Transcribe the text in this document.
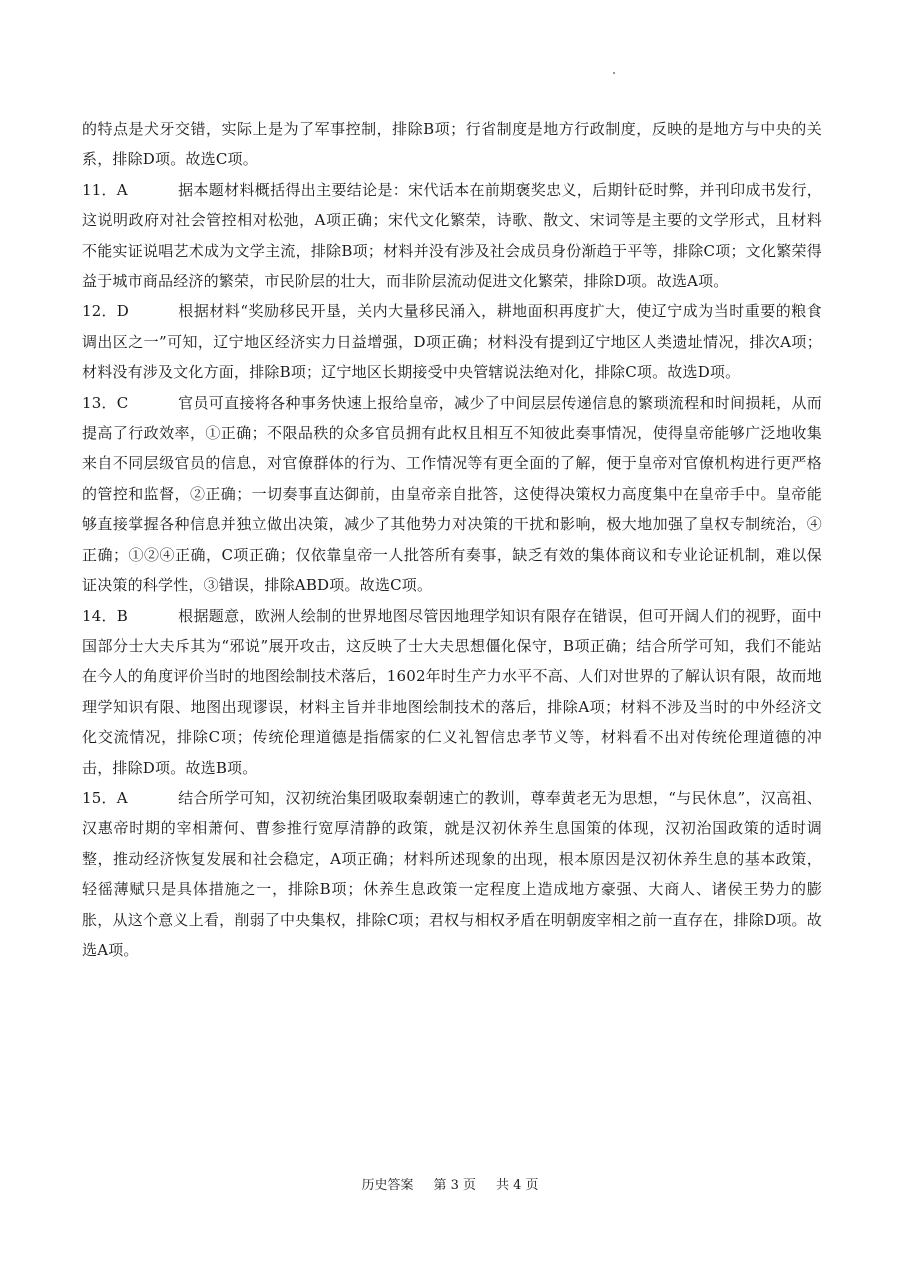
的特点是犬牙交错，实际上是为了军事控制，排除B项；行省制度是地方行政制度，反映的是地方与中央的关系，排除D项。故选C项。

11．A	据本题材料概括得出主要结论是：宋代话本在前期褒奖忠义，后期针砭时弊，并刊印成书发行，这说明政府对社会管控相对松弛，A项正确；宋代文化繁荣，诗歌、散文、宋词等是主要的文学形式，且材料不能实证说唱艺术成为文学主流，排除B项；材料并没有涉及社会成员身份渐趋于平等，排除C项；文化繁荣得益于城市商品经济的繁荣，市民阶层的壮大，而非阶层流动促进文化繁荣，排除D项。故选A项。

12．D	根据材料“奖励移民开垦，关内大量移民涌入，耕地面积再度扩大，使辽宁成为当时重要的粮食调出区之一”可知，辽宁地区经济实力日益增强，D项正确；材料没有提到辽宁地区人类遗址情况，排次A项；材料没有涉及文化方面，排除B项；辽宁地区长期接受中央管辖说法绝对化，排除C项。故选D项。

13．C	官员可直接将各种事务快速上报给皇帝，减少了中间层层传递信息的繁琐流程和时间损耗，从而提高了行政效率，①正确；不限品秩的众多官员拥有此权且相互不知彼此奏事情况，使得皇帝能够广泛地收集来自不同层级官员的信息，对官僚群体的行为、工作情况等有更全面的了解，便于皇帝对官僚机构进行更严格的管控和监督，②正确；一切奏事直达御前，由皇帝亲自批答，这使得决策权力高度集中在皇帝手中。皇帝能够直接掌握各种信息并独立做出决策，减少了其他势力对决策的干扰和影响，极大地加强了皇权专制统治，④正确；①②④正确，C项正确；仅依靠皇帝一人批答所有奏事，缺乏有效的集体商议和专业论证机制，难以保证决策的科学性，③错误，排除ABD项。故选C项。

14．B	根据题意，欧洲人绘制的世界地图尽管因地理学知识有限存在错误，但可开阔人们的视野，面中国部分士大夫斥其为“邪说”展开攻击，这反映了士大夫思想僵化保守，B项正确；结合所学可知，我们不能站在今人的角度评价当时的地图绘制技术落后，1602年时生产力水平不高、人们对世界的了解认识有限，故而地理学知识有限、地图出现谬误，材料主旨并非地图绘制技术的落后，排除A项；材料不涉及当时的中外经济文化交流情况，排除C项；传统伦理道德是指儒家的仁义礼智信忠孝节义等，材料看不出对传统伦理道德的冲击，排除D项。故选B项。

15．A	结合所学可知，汉初统治集团吸取秦朝速亡的教训，尊奉黄老无为思想，“与民休息”，汉高祖、汉惠帝时期的宰相萧何、曹参推行宽厚清静的政策，就是汉初休养生息国策的体现，汉初治国政策的适时调整，推动经济恢复发展和社会稳定，A项正确；材料所述现象的出现，根本原因是汉初休养生息的基本政策，轻徭薄赋只是具体措施之一，排除B项；休养生息政策一定程度上造成地方豪强、大商人、诸侯王势力的膨胀，从这个意义上看，削弱了中央集权，排除C项；君权与相权矛盾在明朝废宰相之前一直存在，排除D项。故选A项。

历史答案 第 3 页 共 4 页
